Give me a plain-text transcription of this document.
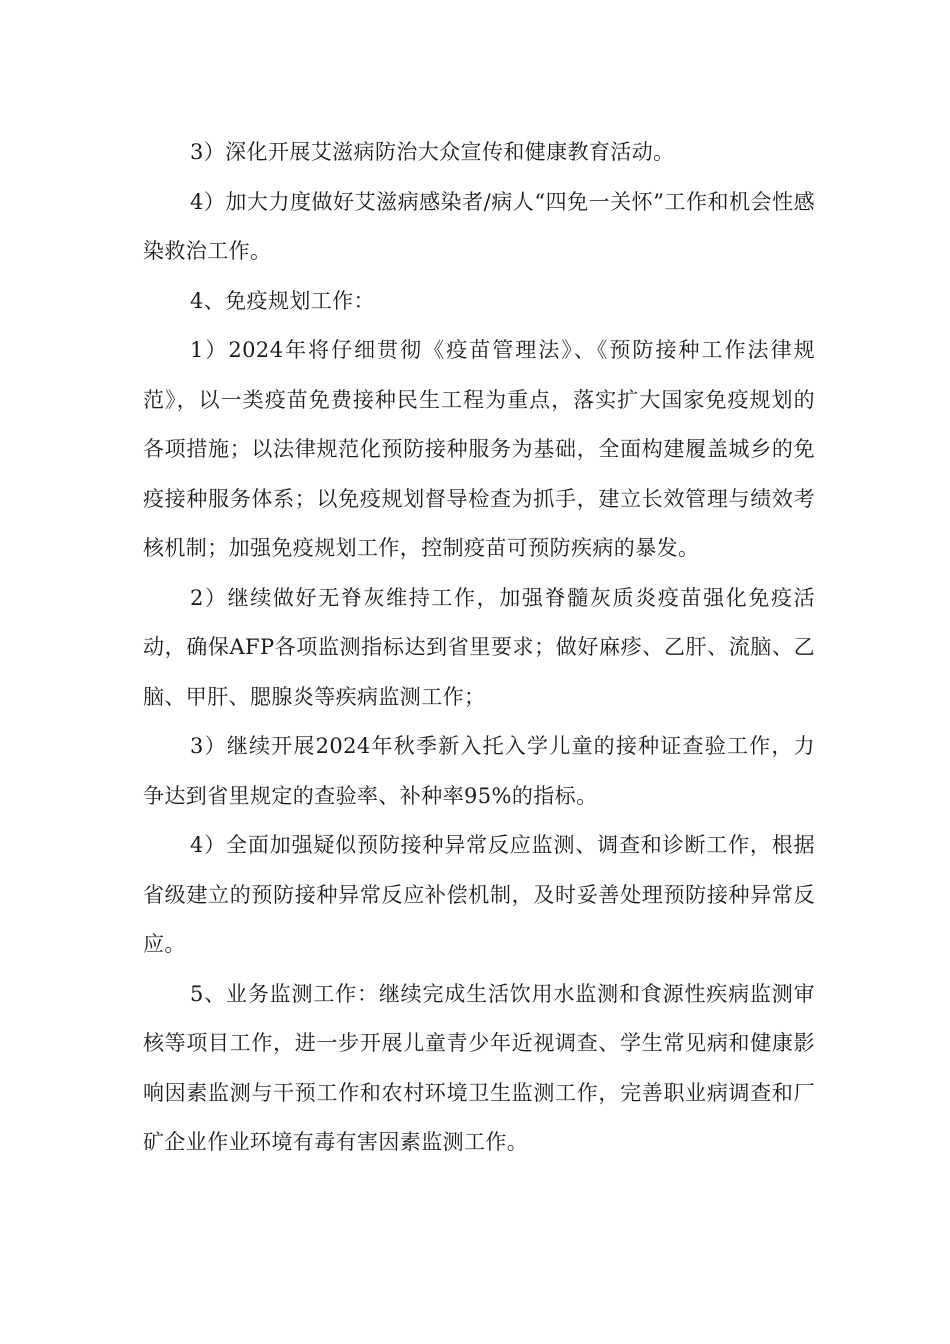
3）深化开展艾滋病防治大众宣传和健康教育活动。

4）加大力度做好艾滋病感染者/病人“四免一关怀”工作和机会性感染救治工作。

4、免疫规划工作：

1）2024年将仔细贯彻《疫苗管理法》、《预防接种工作法律规范》，以一类疫苗免费接种民生工程为重点，落实扩大国家免疫规划的各项措施；以法律规范化预防接种服务为基础，全面构建履盖城乡的免疫接种服务体系；以免疫规划督导检查为抓手，建立长效管理与绩效考核机制；加强免疫规划工作，控制疫苗可预防疾病的暴发。

2）继续做好无脊灰维持工作，加强脊髓灰质炎疫苗强化免疫活动，确保AFP各项监测指标达到省里要求；做好麻疹、乙肝、流脑、乙脑、甲肝、腮腺炎等疾病监测工作；

3）继续开展2024年秋季新入托入学儿童的接种证查验工作，力争达到省里规定的查验率、补种率95%的指标。

4）全面加强疑似预防接种异常反应监测、调查和诊断工作，根据省级建立的预防接种异常反应补偿机制，及时妥善处理预防接种异常反应。

5、业务监测工作：继续完成生活饮用水监测和食源性疾病监测审核等项目工作，进一步开展儿童青少年近视调查、学生常见病和健康影响因素监测与干预工作和农村环境卫生监测工作，完善职业病调查和厂矿企业作业环境有毒有害因素监测工作。
